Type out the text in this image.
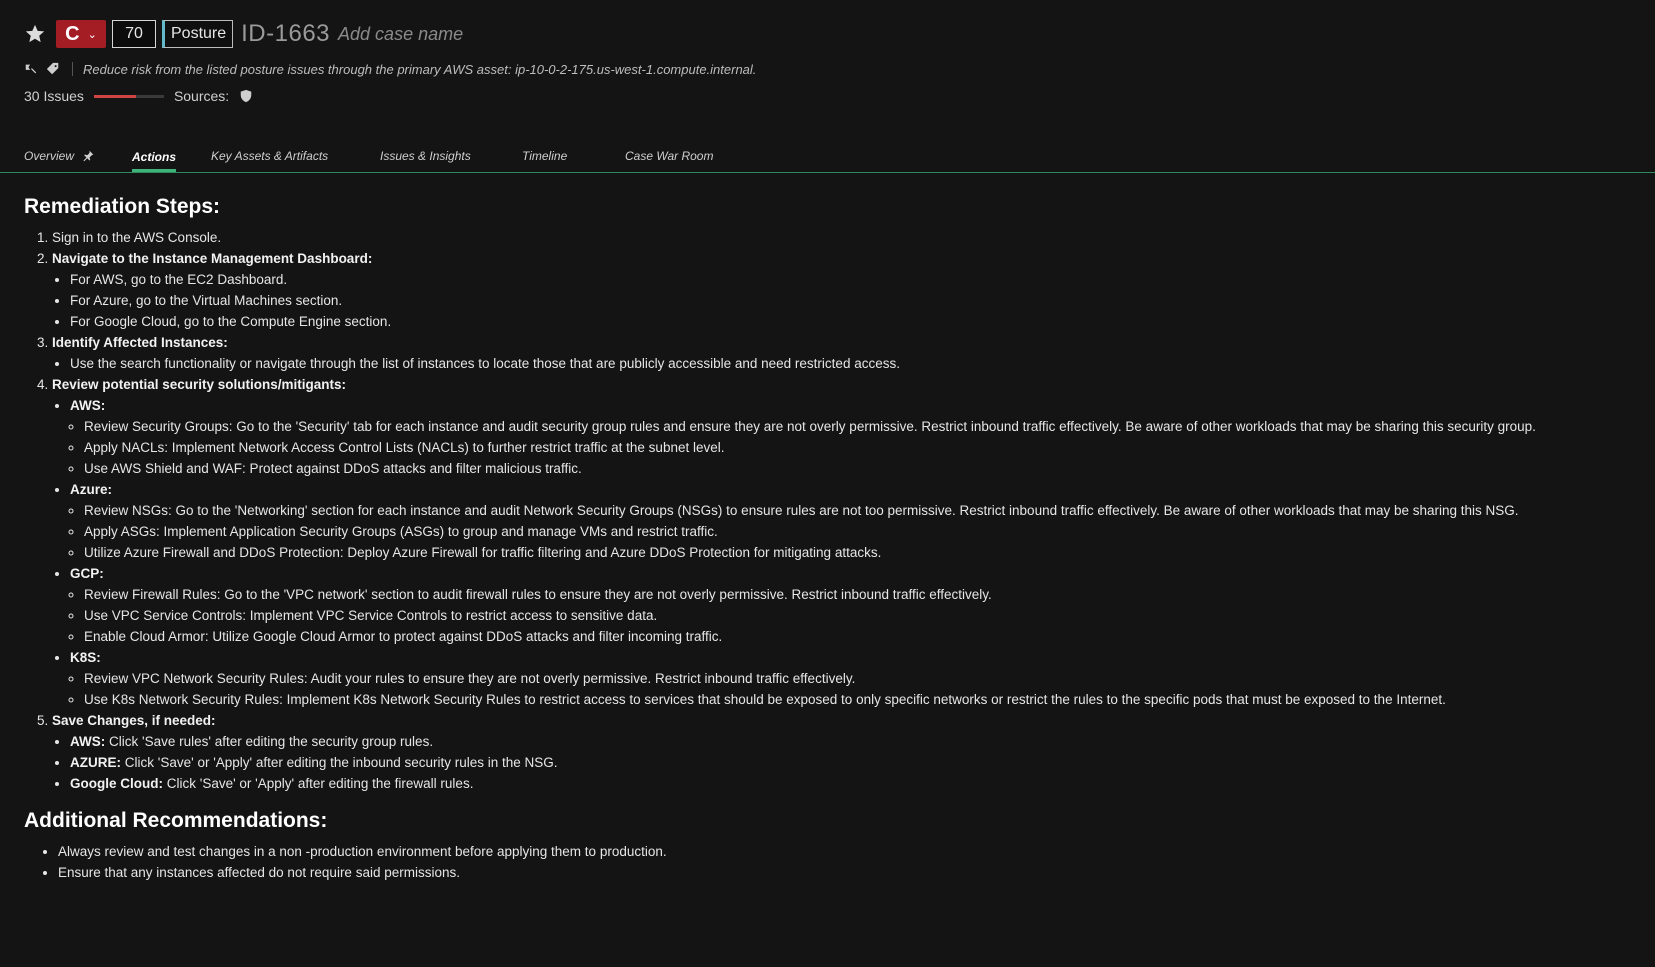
C ⌄	70	Posture ID-1663 Add case name
Reduce risk from the listed posture issues through the primary AWS asset: ip-10-0-2-175.us-west-1.compute.internal.
30 Issues	Sources:
Overview	Actions	Key Assets & Artifacts	Issues & Insights	Timeline	Case War Room
Remediation Steps:
1. Sign in to the AWS Console.
2. Navigate to the Instance Management Dashboard:
• For AWS, go to the EC2 Dashboard.
• For Azure, go to the Virtual Machines section.
• For Google Cloud, go to the Compute Engine section.
3. Identify Affected Instances:
• Use the search functionality or navigate through the list of instances to locate those that are publicly accessible and need restricted access.
4. Review potential security solutions/mitigants:
• AWS:
◦ Review Security Groups: Go to the 'Security' tab for each instance and audit security group rules and ensure they are not overly permissive. Restrict inbound traffic effectively. Be aware of other workloads that may be sharing this security group.
◦ Apply NACLs: Implement Network Access Control Lists (NACLs) to further restrict traffic at the subnet level.
◦ Use AWS Shield and WAF: Protect against DDoS attacks and filter malicious traffic.
• Azure:
◦ Review NSGs: Go to the 'Networking' section for each instance and audit Network Security Groups (NSGs) to ensure rules are not too permissive. Restrict inbound traffic effectively. Be aware of other workloads that may be sharing this NSG.
◦ Apply ASGs: Implement Application Security Groups (ASGs) to group and manage VMs and restrict traffic.
◦ Utilize Azure Firewall and DDoS Protection: Deploy Azure Firewall for traffic filtering and Azure DDoS Protection for mitigating attacks.
• GCP:
◦ Review Firewall Rules: Go to the 'VPC network' section to audit firewall rules to ensure they are not overly permissive. Restrict inbound traffic effectively.
◦ Use VPC Service Controls: Implement VPC Service Controls to restrict access to sensitive data.
◦ Enable Cloud Armor: Utilize Google Cloud Armor to protect against DDoS attacks and filter incoming traffic.
• K8S:
◦ Review VPC Network Security Rules: Audit your rules to ensure they are not overly permissive. Restrict inbound traffic effectively.
◦ Use K8s Network Security Rules: Implement K8s Network Security Rules to restrict access to services that should be exposed to only specific networks or restrict the rules to the specific pods that must be exposed to the Internet.
5. Save Changes, if needed:
• AWS: Click 'Save rules' after editing the security group rules.
• AZURE: Click 'Save' or 'Apply' after editing the inbound security rules in the NSG.
• Google Cloud: Click 'Save' or 'Apply' after editing the firewall rules.
Additional Recommendations:
• Always review and test changes in a non -production environment before applying them to production.
• Ensure that any instances affected do not require said permissions.
